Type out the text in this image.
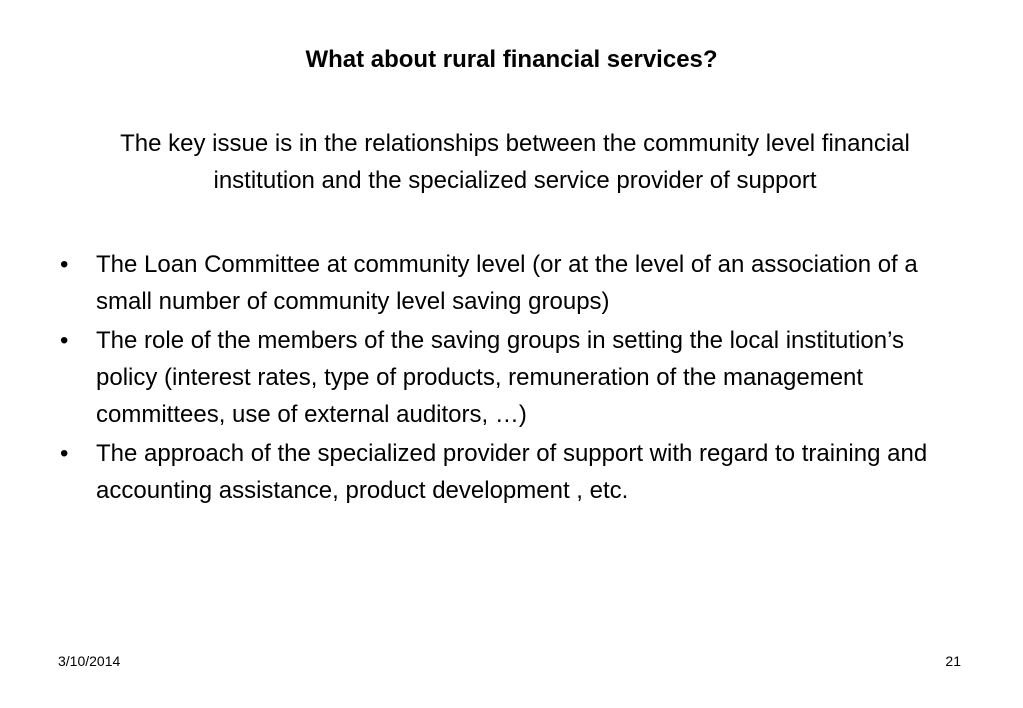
What about rural financial services?
The key issue is in the relationships between the community level financial institution and the specialized service provider of support
• The Loan Committee at community level (or at the level of an association of a small number of community level saving groups)
• The role of the members of the saving groups in setting the local institution’s policy (interest rates, type of products, remuneration of the management committees, use of external auditors, …)
• The approach of the specialized provider of support with regard to training and accounting assistance, product development , etc.
3/10/2014	21
